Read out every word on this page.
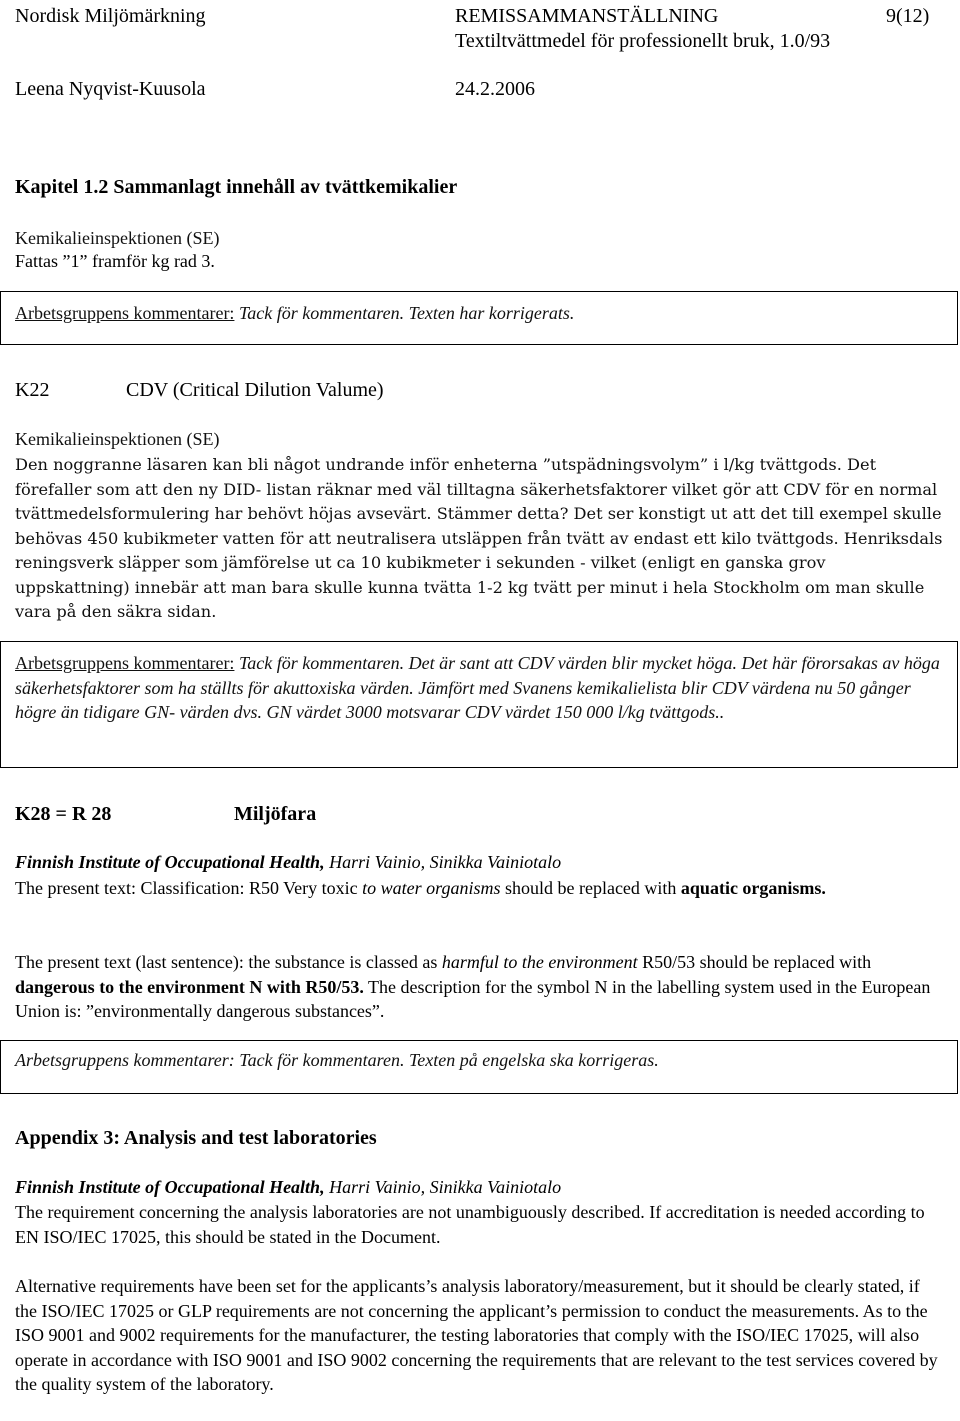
Nordisk Miljömärkning	REMISSAMMANSTÄLLNING	9(12)
Textiltvättmedel för professionellt bruk, 1.0/93
Leena Nyqvist-Kuusola	24.2.2006
Kapitel 1.2 Sammanlagt innehåll av tvättkemikalier
Kemikalieinspektionen (SE)
Fattas ”1” framför kg rad 3.
Arbetsgruppens kommentarer: Tack för kommentaren. Texten har korrigerats.
K22	CDV (Critical Dilution Valume)
Kemikalieinspektionen (SE)
Den noggranne läsaren kan bli något undrande inför enheterna ”utspädningsvolym” i l/kg tvättgods. Det förefaller som att den ny DID- listan räknar med väl tilltagna säkerhetsfaktorer vilket gör att CDV för en normal tvättmedelsformulering har behövt höjas avsevärt. Stämmer detta? Det ser konstigt ut att det till exempel skulle behövas 450 kubikmeter vatten för att neutralisera utsläppen från tvätt av endast ett kilo tvättgods. Henriksdals reningsverk släpper som jämförelse ut ca 10 kubikmeter i sekunden - vilket (enligt en ganska grov uppskattning) innebär att man bara skulle kunna tvätta 1-2 kg tvätt per minut i hela Stockholm om man skulle vara på den säkra sidan.
Arbetsgruppens kommentarer: Tack för kommentaren. Det är sant att CDV värden blir mycket höga. Det här förorsakas av höga säkerhetsfaktorer som ha ställts för akuttoxiska värden. Jämfört med Svanens kemikalielista blir CDV värdena nu 50 gånger högre än tidigare GN- värden dvs. GN värdet 3000 motsvarar CDV värdet 150 000 l/kg tvättgods..
K28 = R 28	Miljöfara
Finnish Institute of Occupational Health, Harri Vainio, Sinikka Vainiotalo
The present text: Classification: R50 Very toxic to water organisms should be replaced with aquatic organisms.
The present text (last sentence): the substance is classed as harmful to the environment R50/53 should be replaced with dangerous to the environment N with R50/53. The description for the symbol N in the labelling system used in the European Union is: ”environmentally dangerous substances”.
Arbetsgruppens kommentarer: Tack för kommentaren. Texten på engelska ska korrigeras.
Appendix 3: Analysis and test laboratories
Finnish Institute of Occupational Health, Harri Vainio, Sinikka Vainiotalo
The requirement concerning the analysis laboratories are not unambiguously described. If accreditation is needed according to EN ISO/IEC 17025, this should be stated in the Document.
Alternative requirements have been set for the applicants’s analysis laboratory/measurement, but it should be clearly stated, if the ISO/IEC 17025 or GLP requirements are not concerning the applicant’s permission to conduct the measurements. As to the ISO 9001 and 9002 requirements for the manufacturer, the testing laboratories that comply with the ISO/IEC 17025, will also operate in accordance with ISO 9001 and ISO 9002 concerning the requirements that are relevant to the test services covered by the quality system of the laboratory.
